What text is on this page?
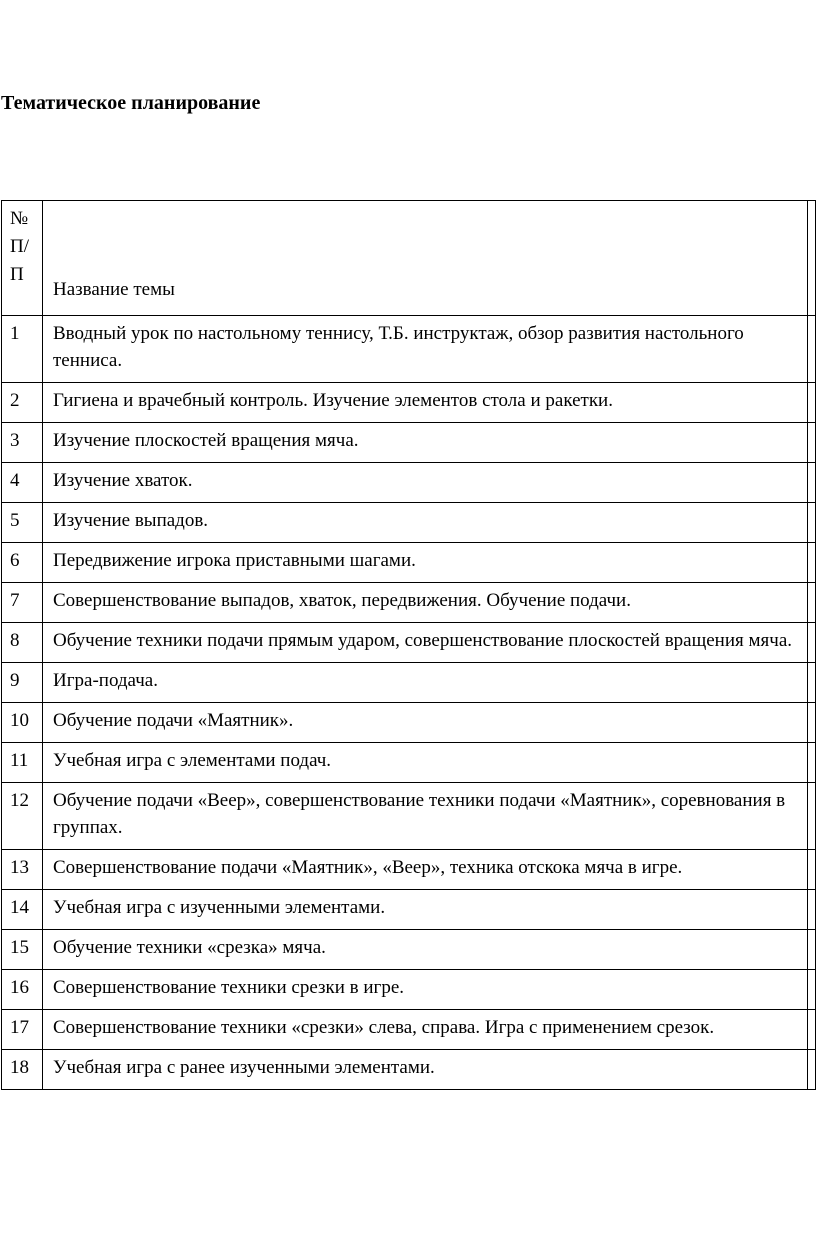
Тематическое планирование
№
П/
П	Название темы	
1	Вводный урок по настольному теннису, Т.Б. инструктаж, обзор развития настольного тенниса.	
2	Гигиена и врачебный контроль. Изучение элементов стола и ракетки.	
3	Изучение плоскостей вращения мяча.	
4	Изучение хваток.	
5	Изучение выпадов.	
6	Передвижение игрока приставными шагами.	
7	Совершенствование выпадов, хваток, передвижения. Обучение подачи.	
8	Обучение техники подачи прямым ударом, совершенствование плоскостей вращения мяча.	
9	Игра-подача.	
10	Обучение подачи «Маятник».	
11	Учебная игра с элементами подач.	
12	Обучение подачи «Веер», совершенствование техники подачи «Маятник», соревнования в группах.	
13	Совершенствование подачи «Маятник», «Веер», техника отскока мяча в игре.	
14	Учебная игра с изученными элементами.	
15	Обучение техники «срезка» мяча.	
16	Совершенствование техники срезки в игре.	
17	Совершенствование техники «срезки» слева, справа. Игра с применением срезок.	
18	Учебная игра с ранее изученными элементами.	
